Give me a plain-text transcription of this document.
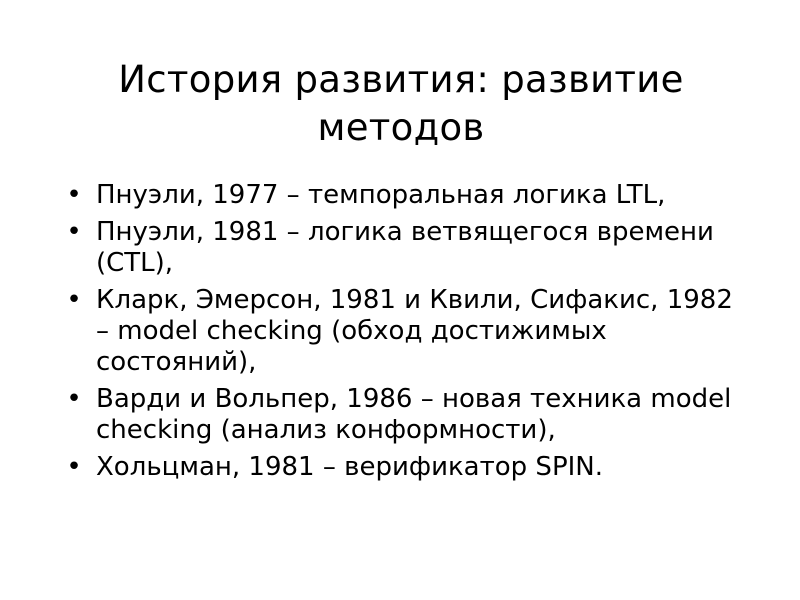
История развития: развитие методов
• Пнуэли, 1977 – темпоральная логика LTL,
• Пнуэли, 1981 – логика ветвящегося времени (CTL),
• Кларк, Эмерсон, 1981 и Квили, Сифакис, 1982 – model checking (обход достижимых состояний),
• Варди и Вольпер, 1986 – новая техника model checking (анализ конформности),
• Хольцман, 1981 – верификатор SPIN.
